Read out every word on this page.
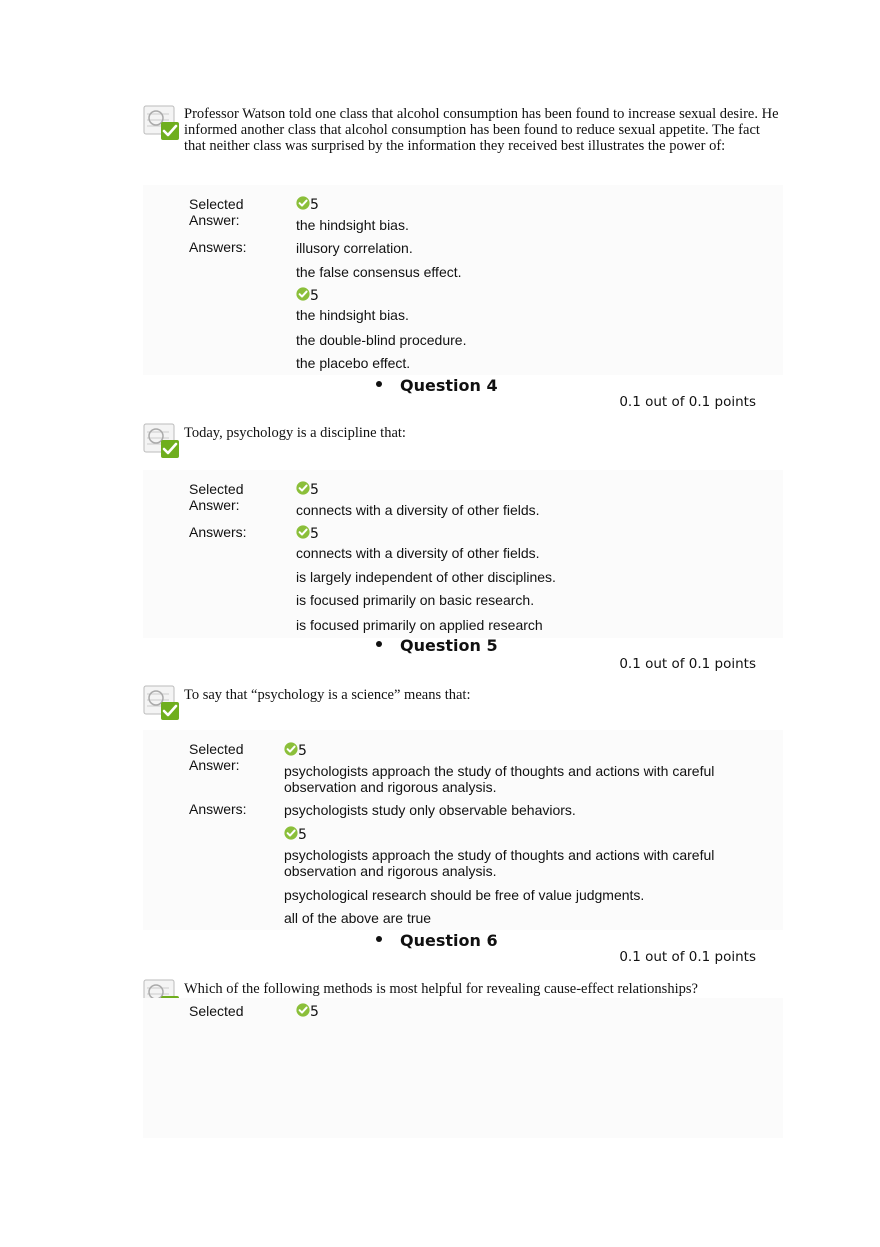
Professor Watson told one class that alcohol consumption has been found to increase sexual desire. He informed another class that alcohol consumption has been found to reduce sexual appetite. The fact that neither class was surprised by the information they received best illustrates the power of:
Selected Answer:
5
the hindsight bias.
Answers:	illusory correlation.
the false consensus effect.
5
the hindsight bias.
the double-blind procedure.
the placebo effect.
Question 4
0.1 out of 0.1 points
Today, psychology is a discipline that:
Selected Answer:
5
connects with a diversity of other fields.
Answers:	5
connects with a diversity of other fields.
is largely independent of other disciplines.
is focused primarily on basic research.
is focused primarily on applied research
Question 5
0.1 out of 0.1 points
To say that “psychology is a science” means that:
Selected Answer:
5
psychologists approach the study of thoughts and actions with careful observation and rigorous analysis.
Answers:	psychologists study only observable behaviors.
5
psychologists approach the study of thoughts and actions with careful observation and rigorous analysis.
psychological research should be free of value judgments.
all of the above are true
Question 6
0.1 out of 0.1 points
Which of the following methods is most helpful for revealing cause-effect relationships?
Selected	5
